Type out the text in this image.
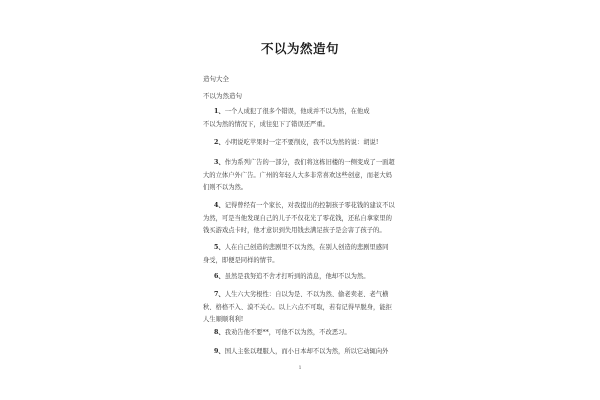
不以为然造句
造句大全
不以为然造句
1、一个人成犯了很多个错误，他成并不以为然，在他成
不以为然的情况下，成往犯下了错误还严重。
2、小明说吃苹果时一定不要削皮，我不以为然的说：胡说!
3、作为系列广告的一部分，我们将这栋旧楼的一侧变成了一面超
大的立体户外广告。广州的年轻人大多非常喜欢这些创意，而老大妈
们则不以为然。
4、记得曾经有一个家长，对我提出的控制孩子零花钱的建议不以
为然，可是当他发现自己的儿子不仅花光了零花钱，还私自拿家里的
钱买游戏点卡时，他才意识到失用钱去满足孩子是会害了孩子的。
5、人在自己创造的悲剧里不以为然，在别人创造的悲剧里感同
身受，即便是同样的情节。
6、虽然是我努追不舍才打听到的消息，他却不以为然。
7、人生六大劣根性：自以为是、不以为然、偷老卖老、老气横
秋、格格不入、漠不关心。以上六点不可取，若有记得早脱身，能拒
人生顺顺利利!
8、我劝告他不要**，可他不以为然，不改恶习。
9、国人主张以理服人，而小日本却不以为然，所以它动辄向外
1
